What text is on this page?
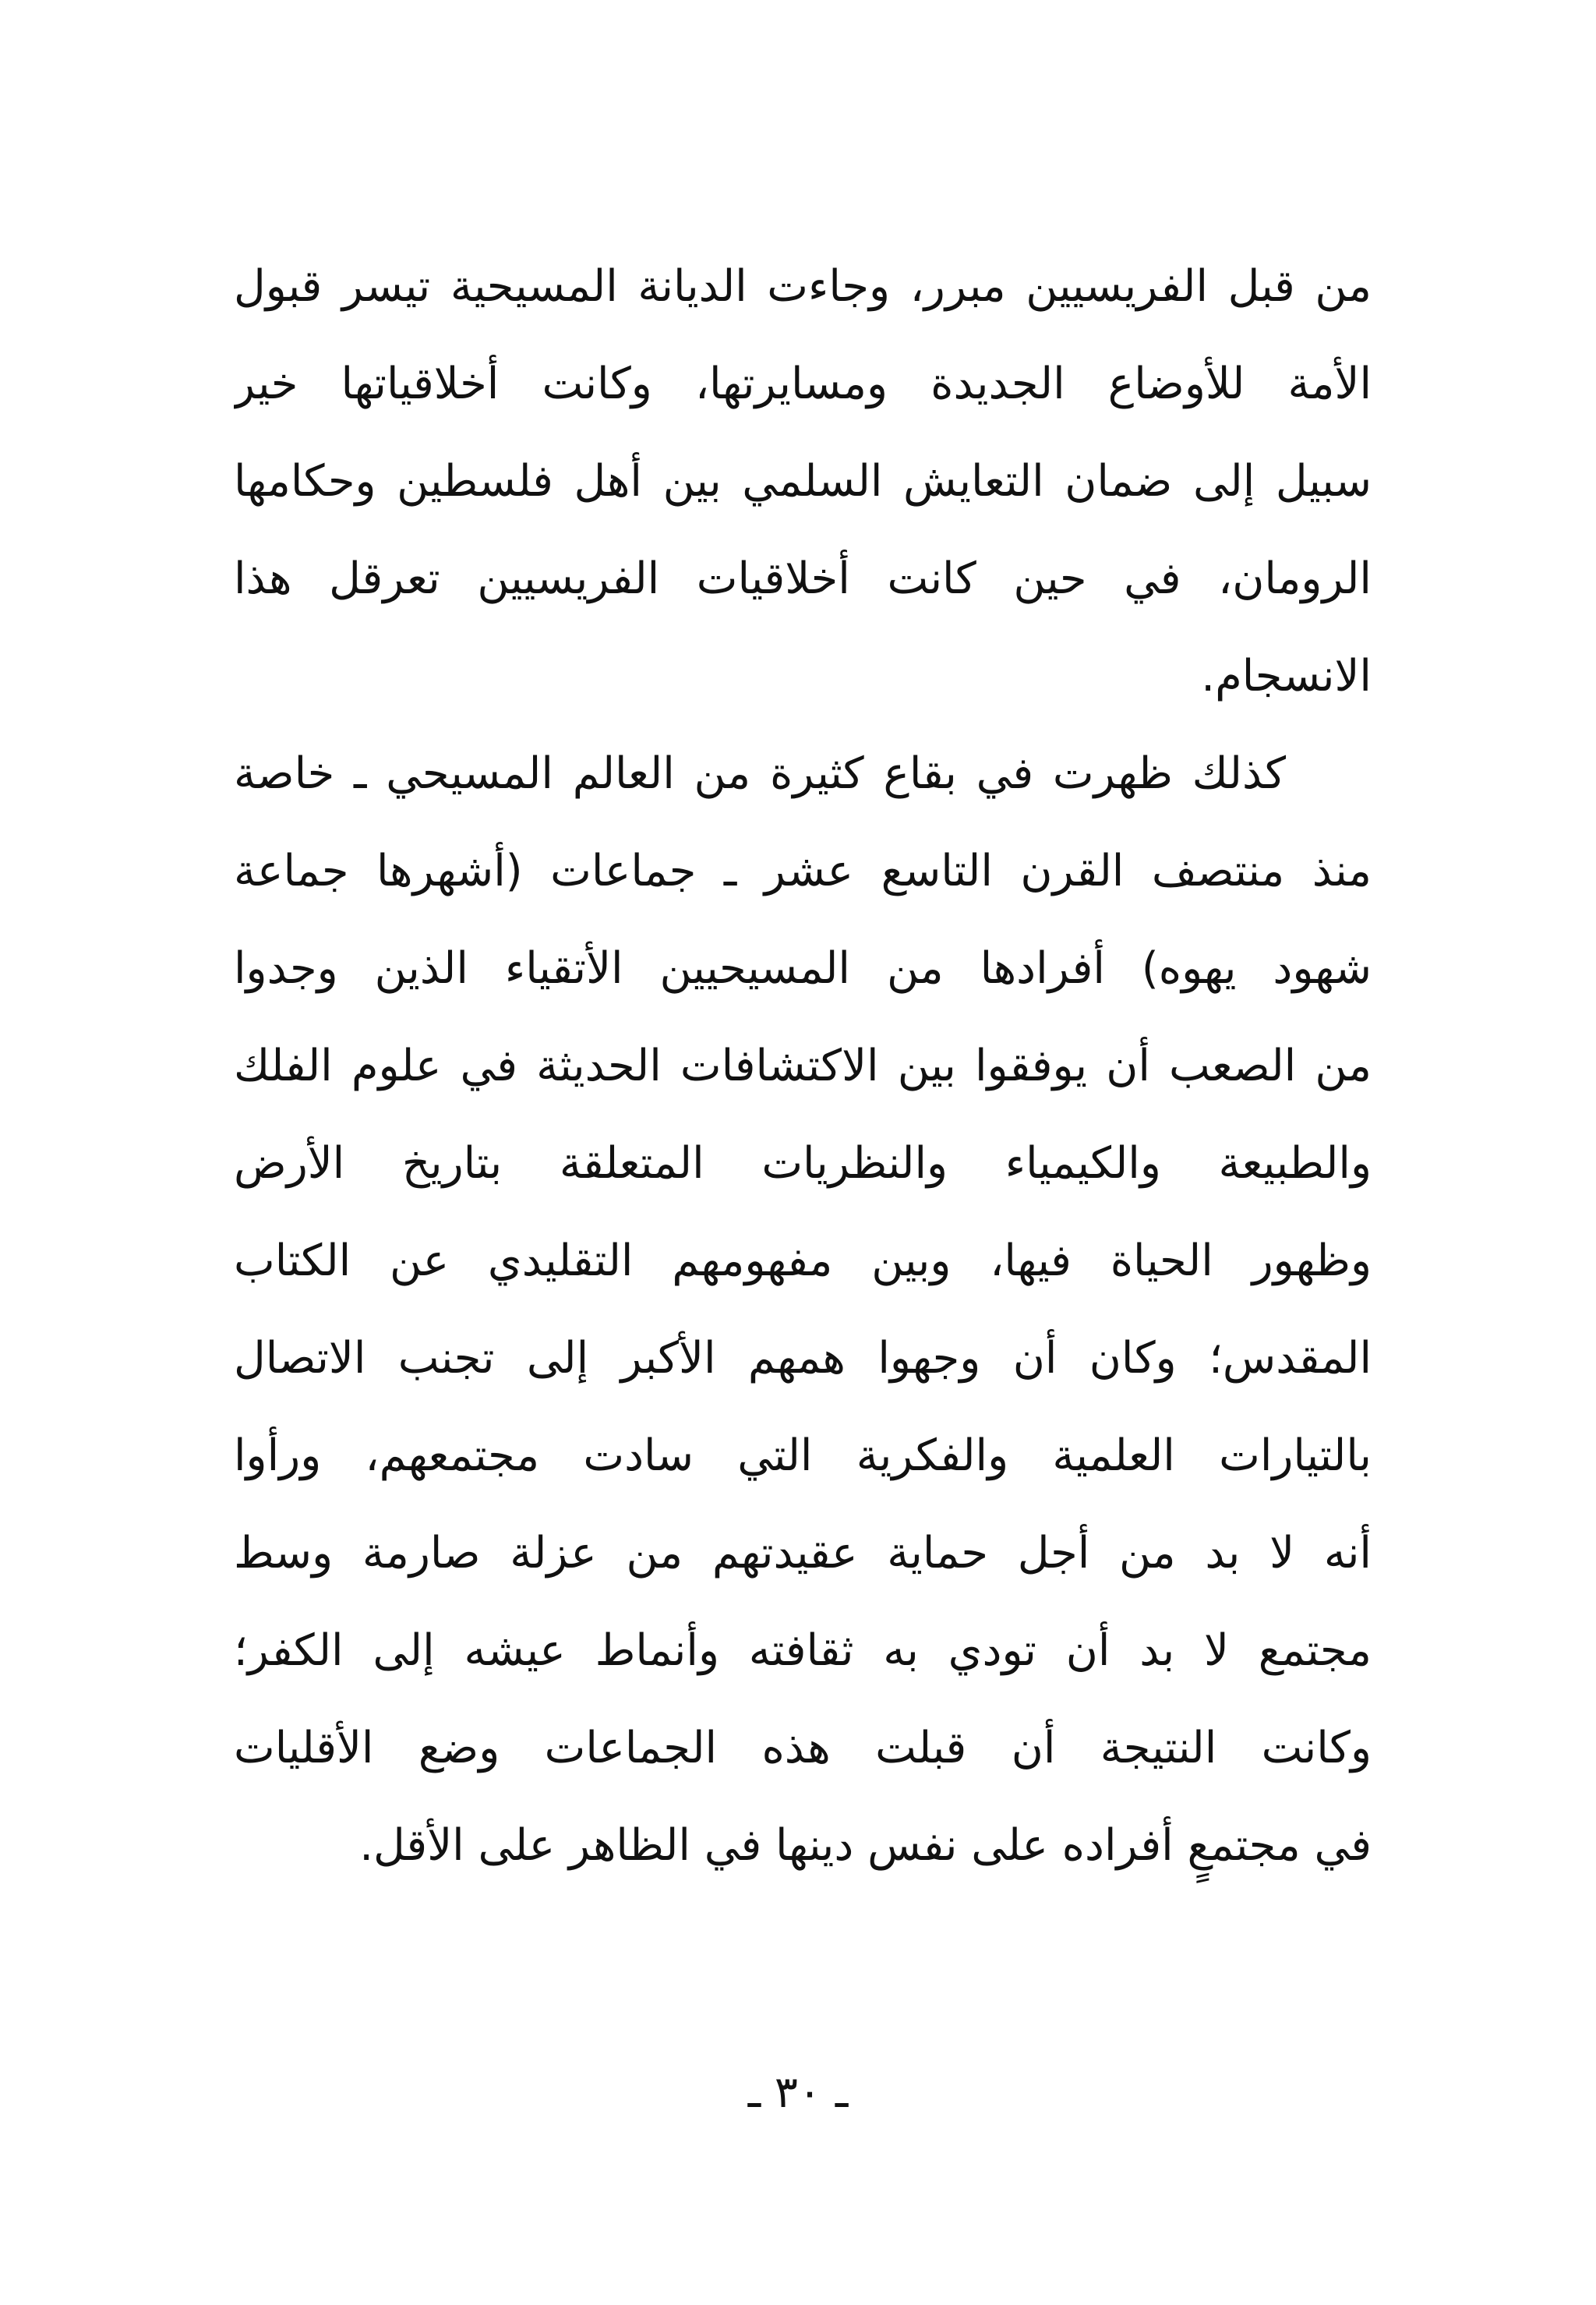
من قبل الفريسيين مبرر، وجاءت الديانة المسيحية تيسر قبول
الأمة للأوضاع الجديدة ومسايرتها، وكانت أخلاقياتها خير
سبيل إلى ضمان التعايش السلمي بين أهل فلسطين وحكامها
الرومان، في حين كانت أخلاقيات الفريسيين تعرقل هذا
الانسجام.
كذلك ظهرت في بقاع كثيرة من العالم المسيحي ـ خاصة
منذ منتصف القرن التاسع عشر ـ جماعات (أشهرها جماعة
شهود يهوه) أفرادها من المسيحيين الأتقياء الذين وجدوا
من الصعب أن يوفقوا بين الاكتشافات الحديثة في علوم الفلك
والطبيعة والكيمياء والنظريات المتعلقة بتاريخ الأرض
وظهور الحياة فيها، وبين مفهومهم التقليدي عن الكتاب
المقدس؛ وكان أن وجهوا همهم الأكبر إلى تجنب الاتصال
بالتيارات العلمية والفكرية التي سادت مجتمعهم، ورأوا
أنه لا بد من أجل حماية عقيدتهم من عزلة صارمة وسط
مجتمع لا بد أن تودي به ثقافته وأنماط عيشه إلى الكفر؛
وكانت النتيجة أن قبلت هذه الجماعات وضع الأقليات
في مجتمعٍ أفراده على نفس دينها في الظاهر على الأقل.
ـ ٣٠ ـ
